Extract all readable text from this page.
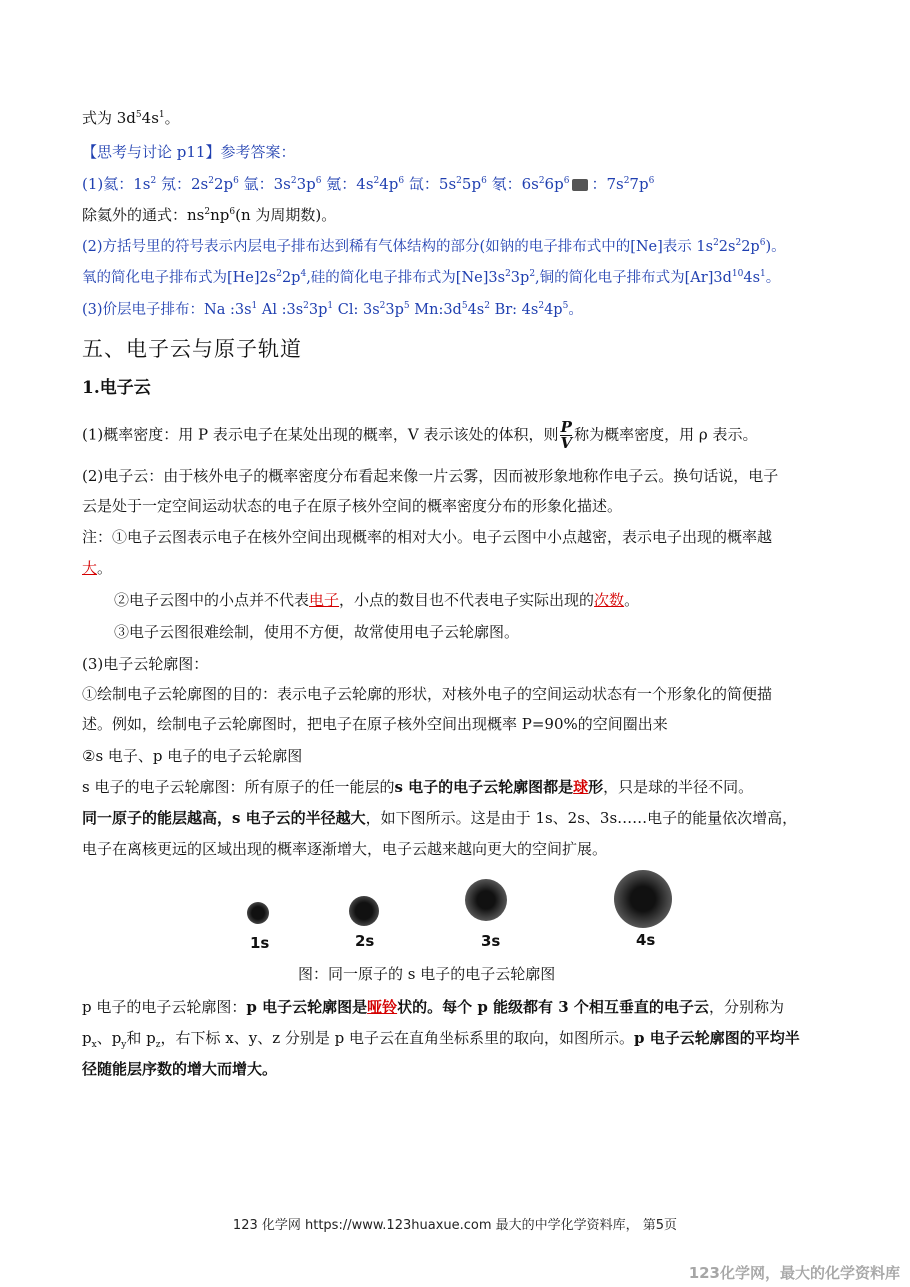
式为 $3d^54s^1$。
【思考与讨论 p11】参考答案：
(1)氦：$1s^2$ 氖：$2s^22p^6$ 氩：$3s^23p^6$ 氪：$4s^24p^6$ 氙：$5s^25p^6$ 氡：$6s^26p^6$ ：$7s^27p^6$
除氦外的通式：$ns^2np^6(n$ 为周期数)。
(2)方括号里的符号表示内层电子排布达到稀有气体结构的部分(如钠的电子排布式中的[Ne]表示 $1s^22s^22p^6$)。
氧的简化电子排布式为$[He]2s^22p^4$,硅的简化电子排布式为$[Ne]3s^23p^2$,铜的简化电子排布式为$[Ar]3d^{10}4s^1$。
(3)价层电子排布：Na $:3s^1$ Al $:3s^23p^1$ Cl: $3s^23p^5$ $Mn:3d^54s^2$ Br: $4s^24p^5$。
五、电子云与原子轨道
1.电子云
(1)概率密度：用 P 表示电子在某处出现的概率，V 表示该处的体积，则 $\frac{P}{V}$ 称为概率密度，用 ρ 表示。
(2)电子云：由于核外电子的概率密度分布看起来像一片云雾，因而被形象地称作电子云。换句话说，电子
云是处于一定空间运动状态的电子在原子核外空间的概率密度分布的形象化描述。
注：①电子云图表示电子在核外空间出现概率的相对大小。电子云图中小点越密，表示电子出现的概率越
大。
②电子云图中的小点并不代表电子，小点的数目也不代表电子实际出现的次数。
③电子云图很难绘制，使用不方便，故常使用电子云轮廓图。
(3)电子云轮廓图：
①绘制电子云轮廓图的目的：表示电子云轮廓的形状，对核外电子的空间运动状态有一个形象化的简便描
述。例如，绘制电子云轮廓图时，把电子在原子核外空间出现概率 P=90%的空间圈出来
②s 电子、p 电子的电子云轮廓图
s 电子的电子云轮廓图：所有原子的任一能层的s 电子的电子云轮廓图都是球形，只是球的半径不同。
同一原子的能层越高，s 电子云的半径越大，如下图所示。这是由于 1s、2s、3s……电子的能量依次增高，
电子在离核更远的区域出现的概率逐渐增大，电子云越来越向更大的空间扩展。
1s	2s	3s	4s
图：同一原子的 s 电子的电子云轮廓图
p 电子的电子云轮廓图：p 电子云轮廓图是哑铃状的。每个 p 能级都有 3 个相互垂直的电子云，分别称为
$p_x$、$p_y$和 $p_z$，右下标 x、y、z 分别是 p 电子云在直角坐标系里的取向，如图所示。p 电子云轮廓图的平均半
径随能层序数的增大而增大。
123 化学网 https://www.123huaxue.com 最大的中学化学资料库， 第5页
123化学网，最大的化学资料库
